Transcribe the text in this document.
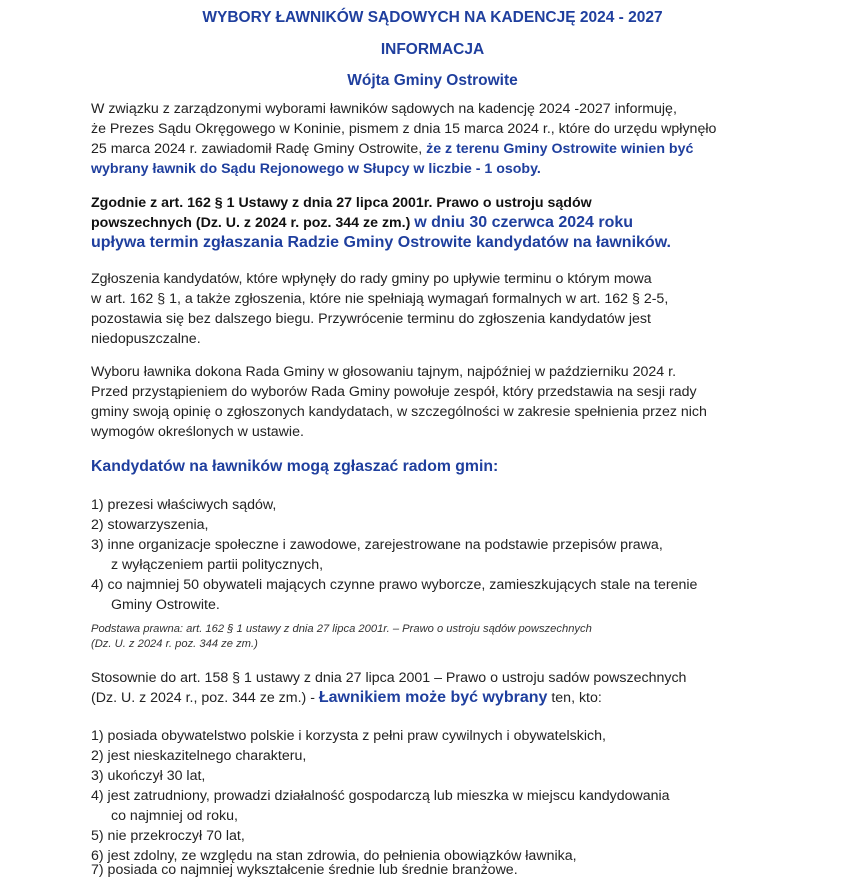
WYBORY ŁAWNIKÓW SĄDOWYCH NA KADENCJĘ 2024 - 2027
INFORMACJA
Wójta Gminy Ostrowite
W związku z zarządzonymi wyborami ławników sądowych na kadencję 2024 -2027 informuję,
że Prezes Sądu Okręgowego w Koninie, pismem z dnia 15 marca 2024 r., które do urzędu wpłynęło
25 marca 2024 r. zawiadomił Radę Gminy Ostrowite, że z terenu Gminy Ostrowite winien być
wybrany ławnik do Sądu Rejonowego w Słupcy w liczbie - 1 osoby.
Zgodnie z art. 162 § 1 Ustawy z dnia 27 lipca 2001r. Prawo o ustroju sądów
powszechnych (Dz. U. z 2024 r. poz. 344 ze zm.) w dniu 30 czerwca 2024 roku
upływa termin zgłaszania Radzie Gminy Ostrowite kandydatów na ławników.
Zgłoszenia kandydatów, które wpłynęły do rady gminy po upływie terminu o którym mowa
w art. 162 § 1, a także zgłoszenia, które nie spełniają wymagań formalnych w art. 162 § 2-5,
pozostawia się bez dalszego biegu. Przywrócenie terminu do zgłoszenia kandydatów jest
niedopuszczalne.
Wyboru ławnika dokona Rada Gminy w głosowaniu tajnym, najpóźniej w październiku 2024 r.
Przed przystąpieniem do wyborów Rada Gminy powołuje zespół, który przedstawia na sesji rady
gminy swoją opinię o zgłoszonych kandydatach, w szczególności w zakresie spełnienia przez nich
wymogów określonych w ustawie.
Kandydatów na ławników mogą zgłaszać radom gmin:
1) prezesi właściwych sądów,
2) stowarzyszenia,
3) inne organizacje społeczne i zawodowe, zarejestrowane na podstawie przepisów prawa,
z wyłączeniem partii politycznych,
4) co najmniej 50 obywateli mających czynne prawo wyborcze, zamieszkujących stale na terenie
Gminy Ostrowite.
Podstawa prawna: art. 162 § 1 ustawy z dnia 27 lipca 2001r. – Prawo o ustroju sądów powszechnych
(Dz. U. z 2024 r. poz. 344 ze zm.)
Stosownie do art. 158 § 1 ustawy z dnia 27 lipca 2001 – Prawo o ustroju sadów powszechnych
(Dz. U. z 2024 r., poz. 344 ze zm.) - Ławnikiem może być wybrany ten, kto:
1) posiada obywatelstwo polskie i korzysta z pełni praw cywilnych i obywatelskich,
2) jest nieskazitelnego charakteru,
3) ukończył 30 lat,
4) jest zatrudniony, prowadzi działalność gospodarczą lub mieszka w miejscu kandydowania
co najmniej od roku,
5) nie przekroczył 70 lat,
6) jest zdolny, ze względu na stan zdrowia, do pełnienia obowiązków ławnika,
7) posiada co najmniej wykształcenie średnie lub średnie branżowe.
